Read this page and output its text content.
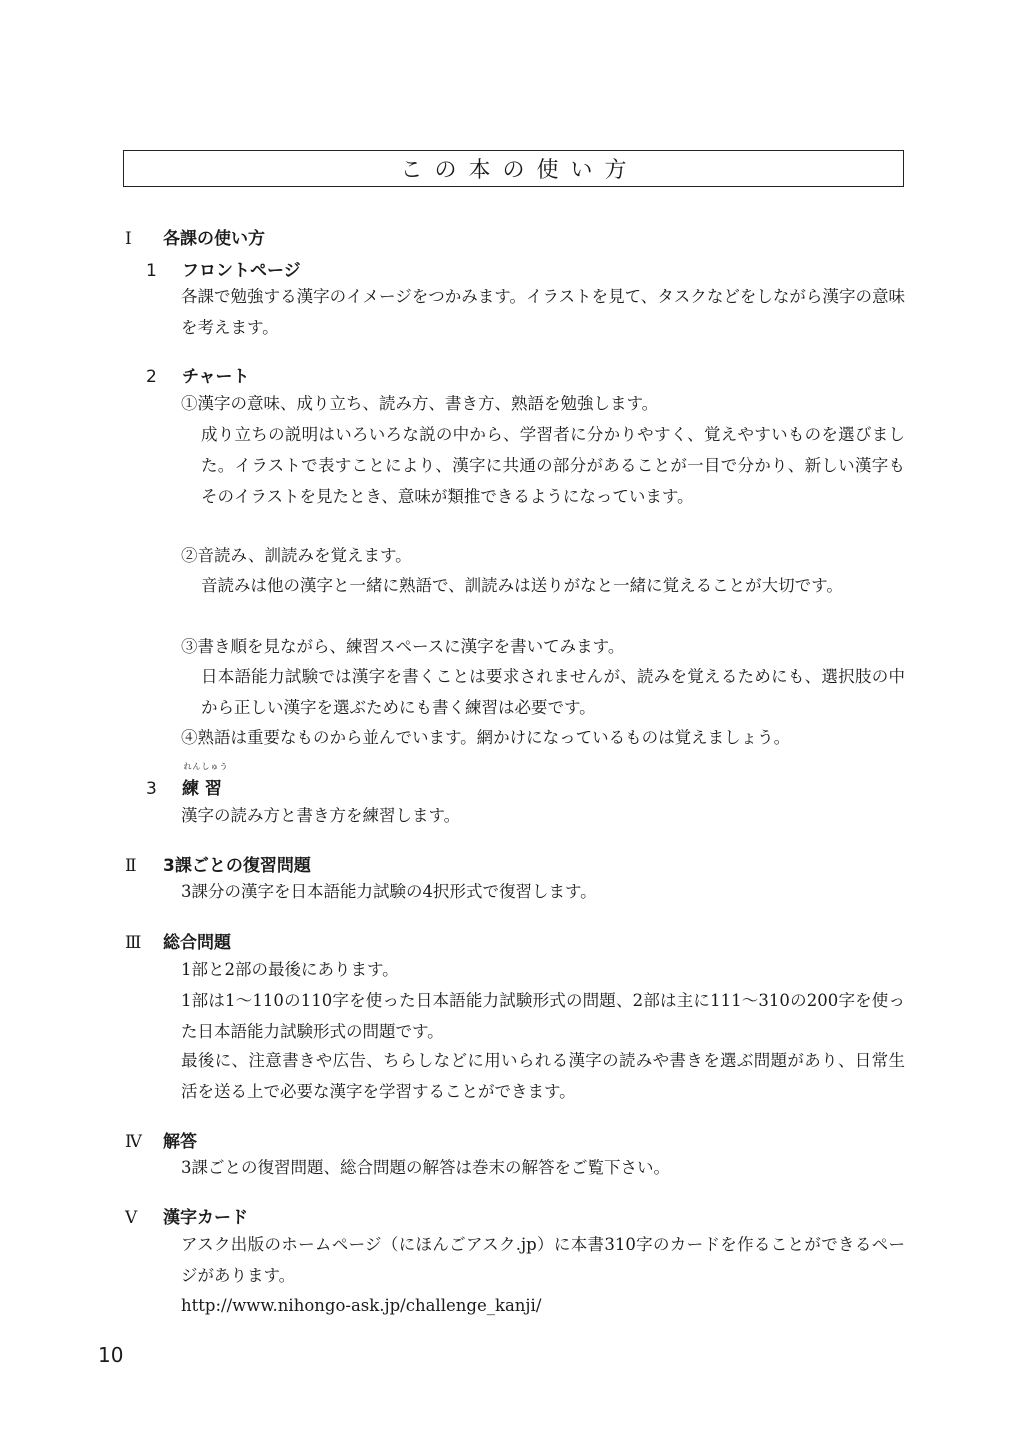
この本の使い方
Ⅰ 各課の使い方
1 フロントページ
各課で勉強する漢字のイメージをつかみます。イラストを見て、タスクなどをしながら漢字の意味を考えます。
2 チャート
①漢字の意味、成り立ち、読み方、書き方、熟語を勉強します。
成り立ちの説明はいろいろな説の中から、学習者に分かりやすく、覚えやすいものを選びました。イラストで表すことにより、漢字に共通の部分があることが一目で分かり、新しい漢字もそのイラストを見たとき、意味が類推できるようになっています。
②音読み、訓読みを覚えます。
音読みは他の漢字と一緒に熟語で、訓読みは送りがなと一緒に覚えることが大切です。
③書き順を見ながら、練習スペースに漢字を書いてみます。
日本語能力試験では漢字を書くことは要求されませんが、読みを覚えるためにも、選択肢の中から正しい漢字を選ぶためにも書く練習は必要です。
④熟語は重要なものから並んでいます。網かけになっているものは覚えましょう。
3
れんしゅう
練 習
漢字の読み方と書き方を練習します。
Ⅱ 3課ごとの復習問題
3課分の漢字を日本語能力試験の4択形式で復習します。
Ⅲ 総合問題
1部と2部の最後にあります。
1部は1〜110の110字を使った日本語能力試験形式の問題、2部は主に111〜310の200字を使った日本語能力試験形式の問題です。
最後に、注意書きや広告、ちらしなどに用いられる漢字の読みや書きを選ぶ問題があり、日常生活を送る上で必要な漢字を学習することができます。
Ⅳ 解答
3課ごとの復習問題、総合問題の解答は巻末の解答をご覧下さい。
Ⅴ 漢字カード
アスク出版のホームページ（にほんごアスク.jp）に本書310字のカードを作ることができるページがあります。
http://www.nihongo-ask.jp/challenge_kanji/
10
